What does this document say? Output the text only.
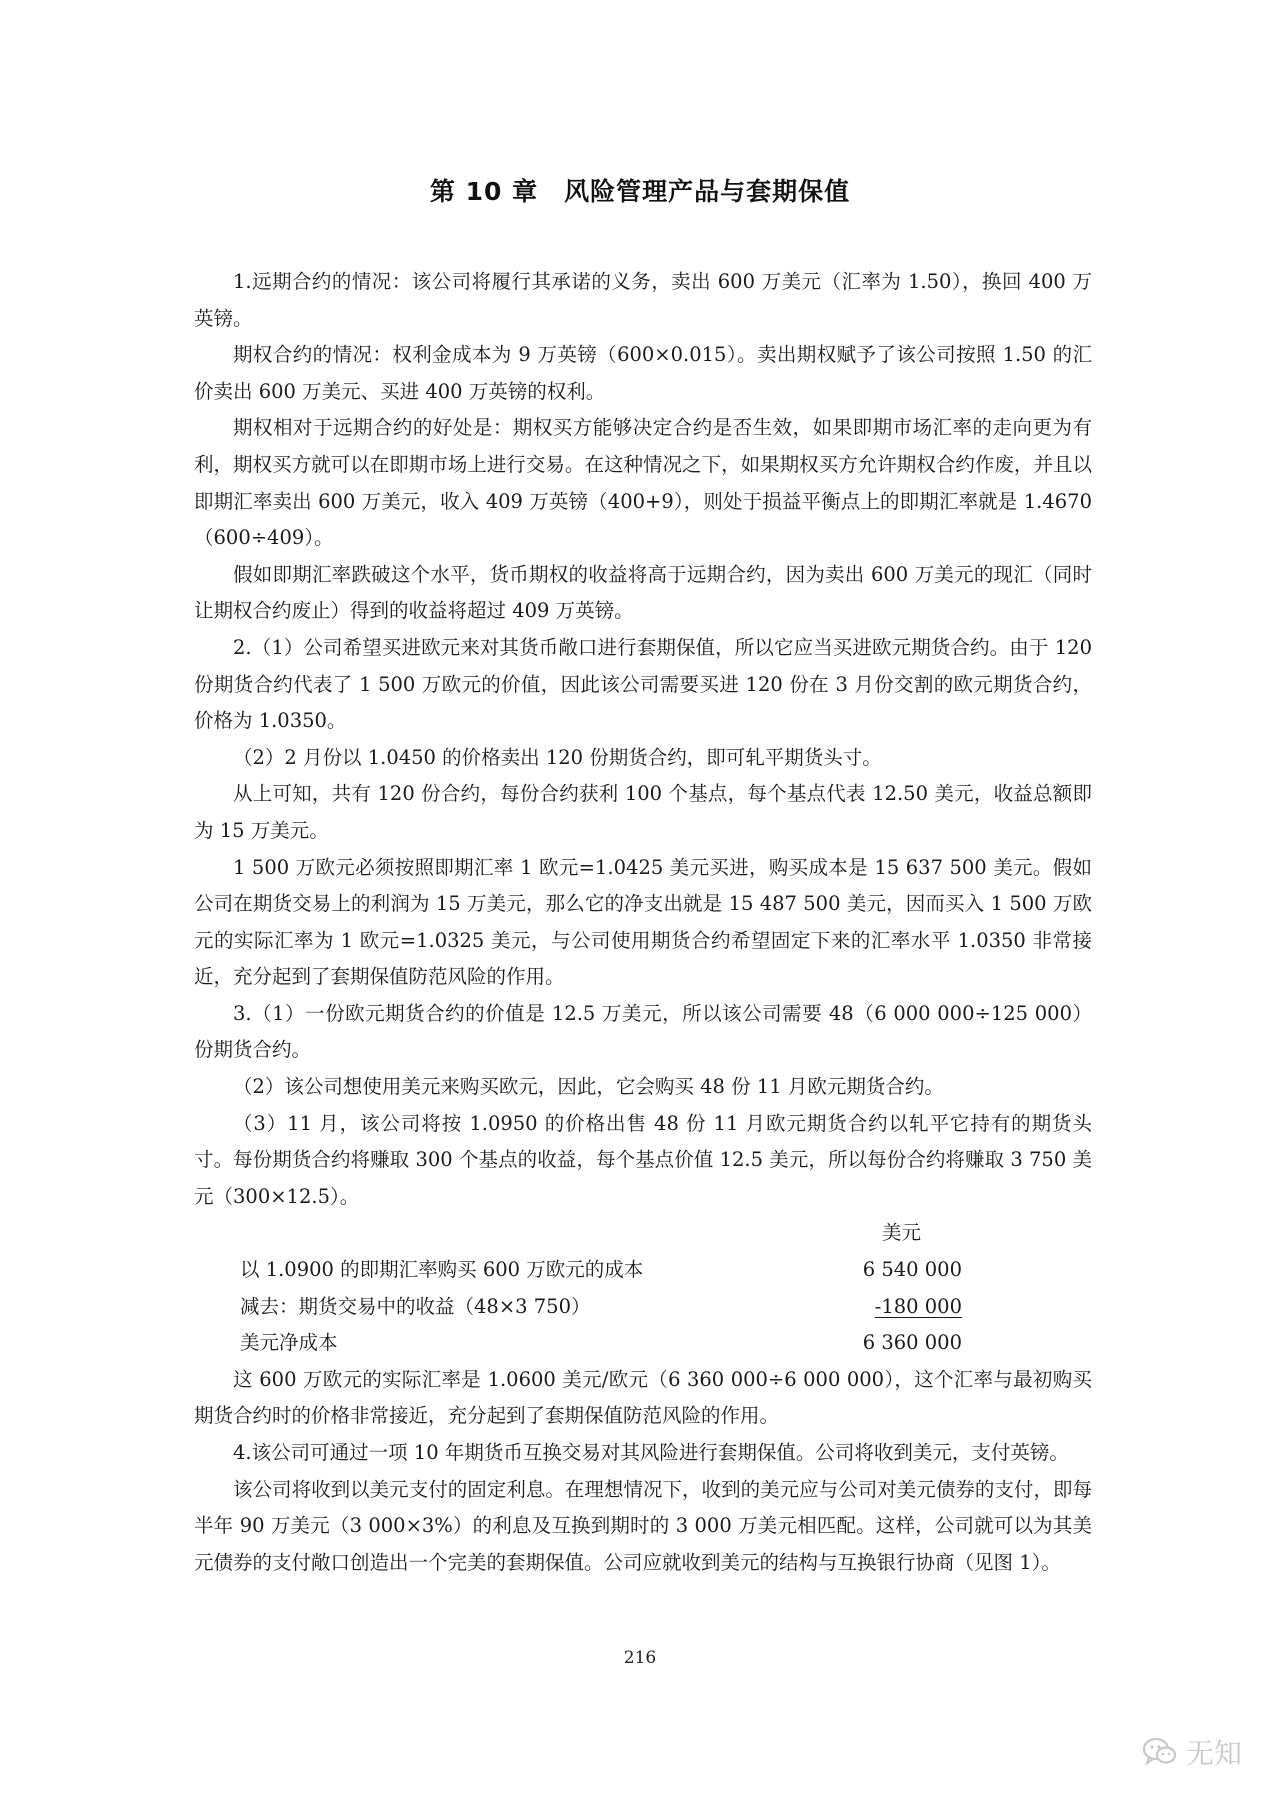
第 10 章　风险管理产品与套期保值

1.远期合约的情况：该公司将履行其承诺的义务，卖出 600 万美元（汇率为 1.50），换回 400 万英镑。

期权合约的情况：权利金成本为 9 万英镑（600×0.015）。卖出期权赋予了该公司按照 1.50 的汇价卖出 600 万美元、买进 400 万英镑的权利。

期权相对于远期合约的好处是：期权买方能够决定合约是否生效，如果即期市场汇率的走向更为有利，期权买方就可以在即期市场上进行交易。在这种情况之下，如果期权买方允许期权合约作废，并且以即期汇率卖出 600 万美元，收入 409 万英镑（400+9），则处于损益平衡点上的即期汇率就是 1.4670（600÷409）。

假如即期汇率跌破这个水平，货币期权的收益将高于远期合约，因为卖出 600 万美元的现汇（同时让期权合约废止）得到的收益将超过 409 万英镑。

2.（1）公司希望买进欧元来对其货币敞口进行套期保值，所以它应当买进欧元期货合约。由于 120 份期货合约代表了 1 500 万欧元的价值，因此该公司需要买进 120 份在 3 月份交割的欧元期货合约，价格为 1.0350。

（2）2 月份以 1.0450 的价格卖出 120 份期货合约，即可轧平期货头寸。

从上可知，共有 120 份合约，每份合约获利 100 个基点，每个基点代表 12.50 美元，收益总额即为 15 万美元。

1 500 万欧元必须按照即期汇率 1 欧元=1.0425 美元买进，购买成本是 15 637 500 美元。假如公司在期货交易上的利润为 15 万美元，那么它的净支出就是 15 487 500 美元，因而买入 1 500 万欧元的实际汇率为 1 欧元=1.0325 美元，与公司使用期货合约希望固定下来的汇率水平 1.0350 非常接近，充分起到了套期保值防范风险的作用。

3.（1）一份欧元期货合约的价值是 12.5 万美元，所以该公司需要 48（6 000 000÷125 000）份期货合约。

（2）该公司想使用美元来购买欧元，因此，它会购买 48 份 11 月欧元期货合约。

（3）11 月，该公司将按 1.0950 的价格出售 48 份 11 月欧元期货合约以轧平它持有的期货头寸。每份期货合约将赚取 300 个基点的收益，每个基点价值 12.5 美元，所以每份合约将赚取 3 750 美元（300×12.5）。

美元
以 1.0900 的即期汇率购买 600 万欧元的成本	6 540 000
减去：期货交易中的收益（48×3 750）	-180 000
美元净成本	6 360 000

这 600 万欧元的实际汇率是 1.0600 美元/欧元（6 360 000÷6 000 000），这个汇率与最初购买期货合约时的价格非常接近，充分起到了套期保值防范风险的作用。

4.该公司可通过一项 10 年期货币互换交易对其风险进行套期保值。公司将收到美元，支付英镑。

该公司将收到以美元支付的固定利息。在理想情况下，收到的美元应与公司对美元债券的支付，即每半年 90 万美元（3 000×3%）的利息及互换到期时的 3 000 万美元相匹配。这样，公司就可以为其美元债券的支付敞口创造出一个完美的套期保值。公司应就收到美元的结构与互换银行协商（见图 1）。

216
无知
